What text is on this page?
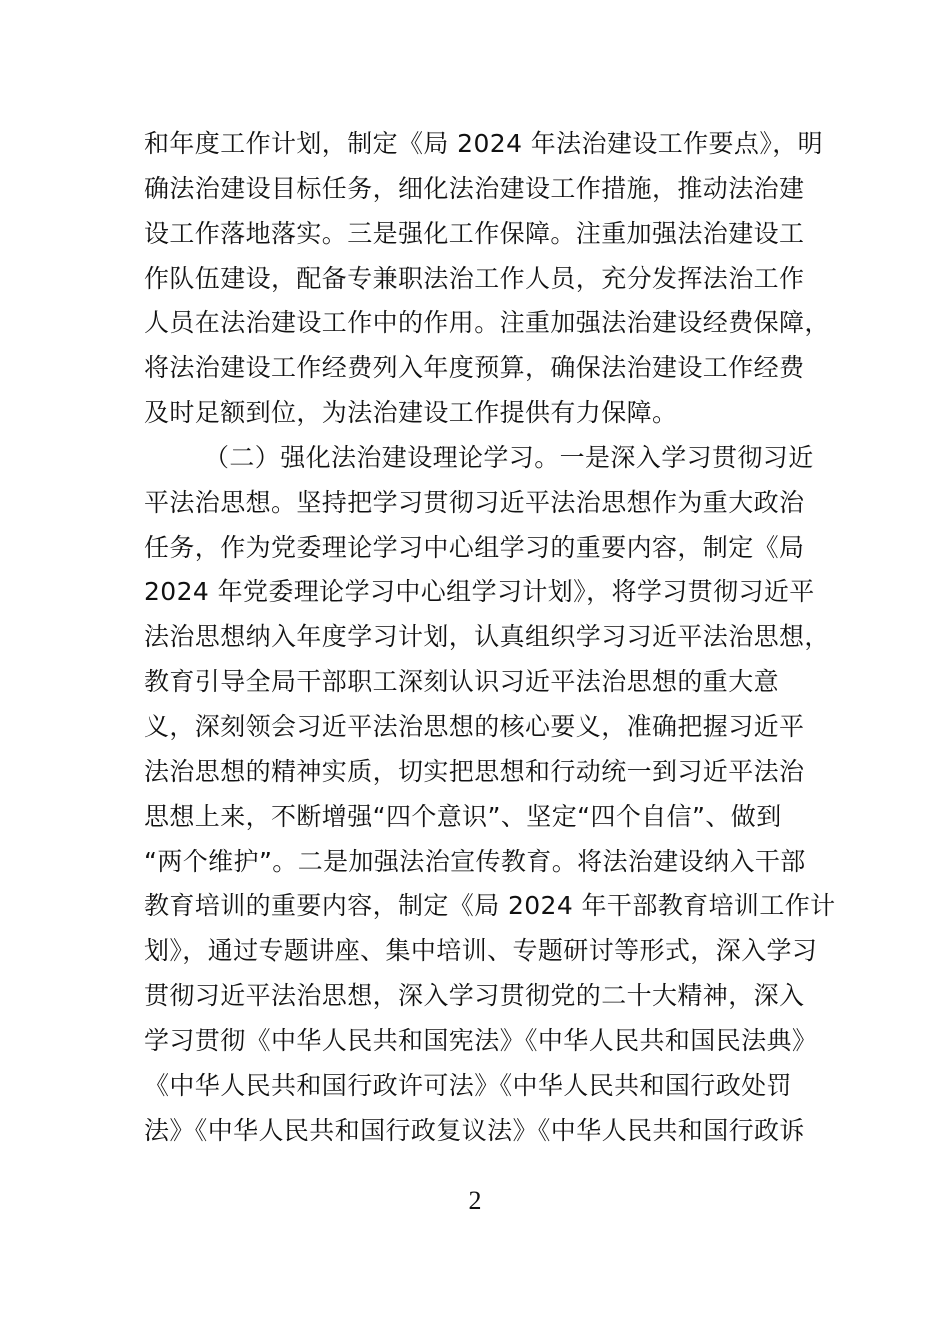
和年度工作计划，制定《局 2024 年法治建设工作要点》，明
确法治建设目标任务，细化法治建设工作措施，推动法治建
设工作落地落实。三是强化工作保障。注重加强法治建设工
作队伍建设，配备专兼职法治工作人员，充分发挥法治工作
人员在法治建设工作中的作用。注重加强法治建设经费保障，
将法治建设工作经费列入年度预算，确保法治建设工作经费
及时足额到位，为法治建设工作提供有力保障。
（二）强化法治建设理论学习。一是深入学习贯彻习近
平法治思想。坚持把学习贯彻习近平法治思想作为重大政治
任务，作为党委理论学习中心组学习的重要内容，制定《局
2024 年党委理论学习中心组学习计划》，将学习贯彻习近平
法治思想纳入年度学习计划，认真组织学习习近平法治思想，
教育引导全局干部职工深刻认识习近平法治思想的重大意
义，深刻领会习近平法治思想的核心要义，准确把握习近平
法治思想的精神实质，切实把思想和行动统一到习近平法治
思想上来，不断增强“四个意识”、坚定“四个自信”、做到
“两个维护”。二是加强法治宣传教育。将法治建设纳入干部
教育培训的重要内容，制定《局 2024 年干部教育培训工作计
划》，通过专题讲座、集中培训、专题研讨等形式，深入学习
贯彻习近平法治思想，深入学习贯彻党的二十大精神，深入
学习贯彻《中华人民共和国宪法》《中华人民共和国民法典》
《中华人民共和国行政许可法》《中华人民共和国行政处罚
法》《中华人民共和国行政复议法》《中华人民共和国行政诉
2
